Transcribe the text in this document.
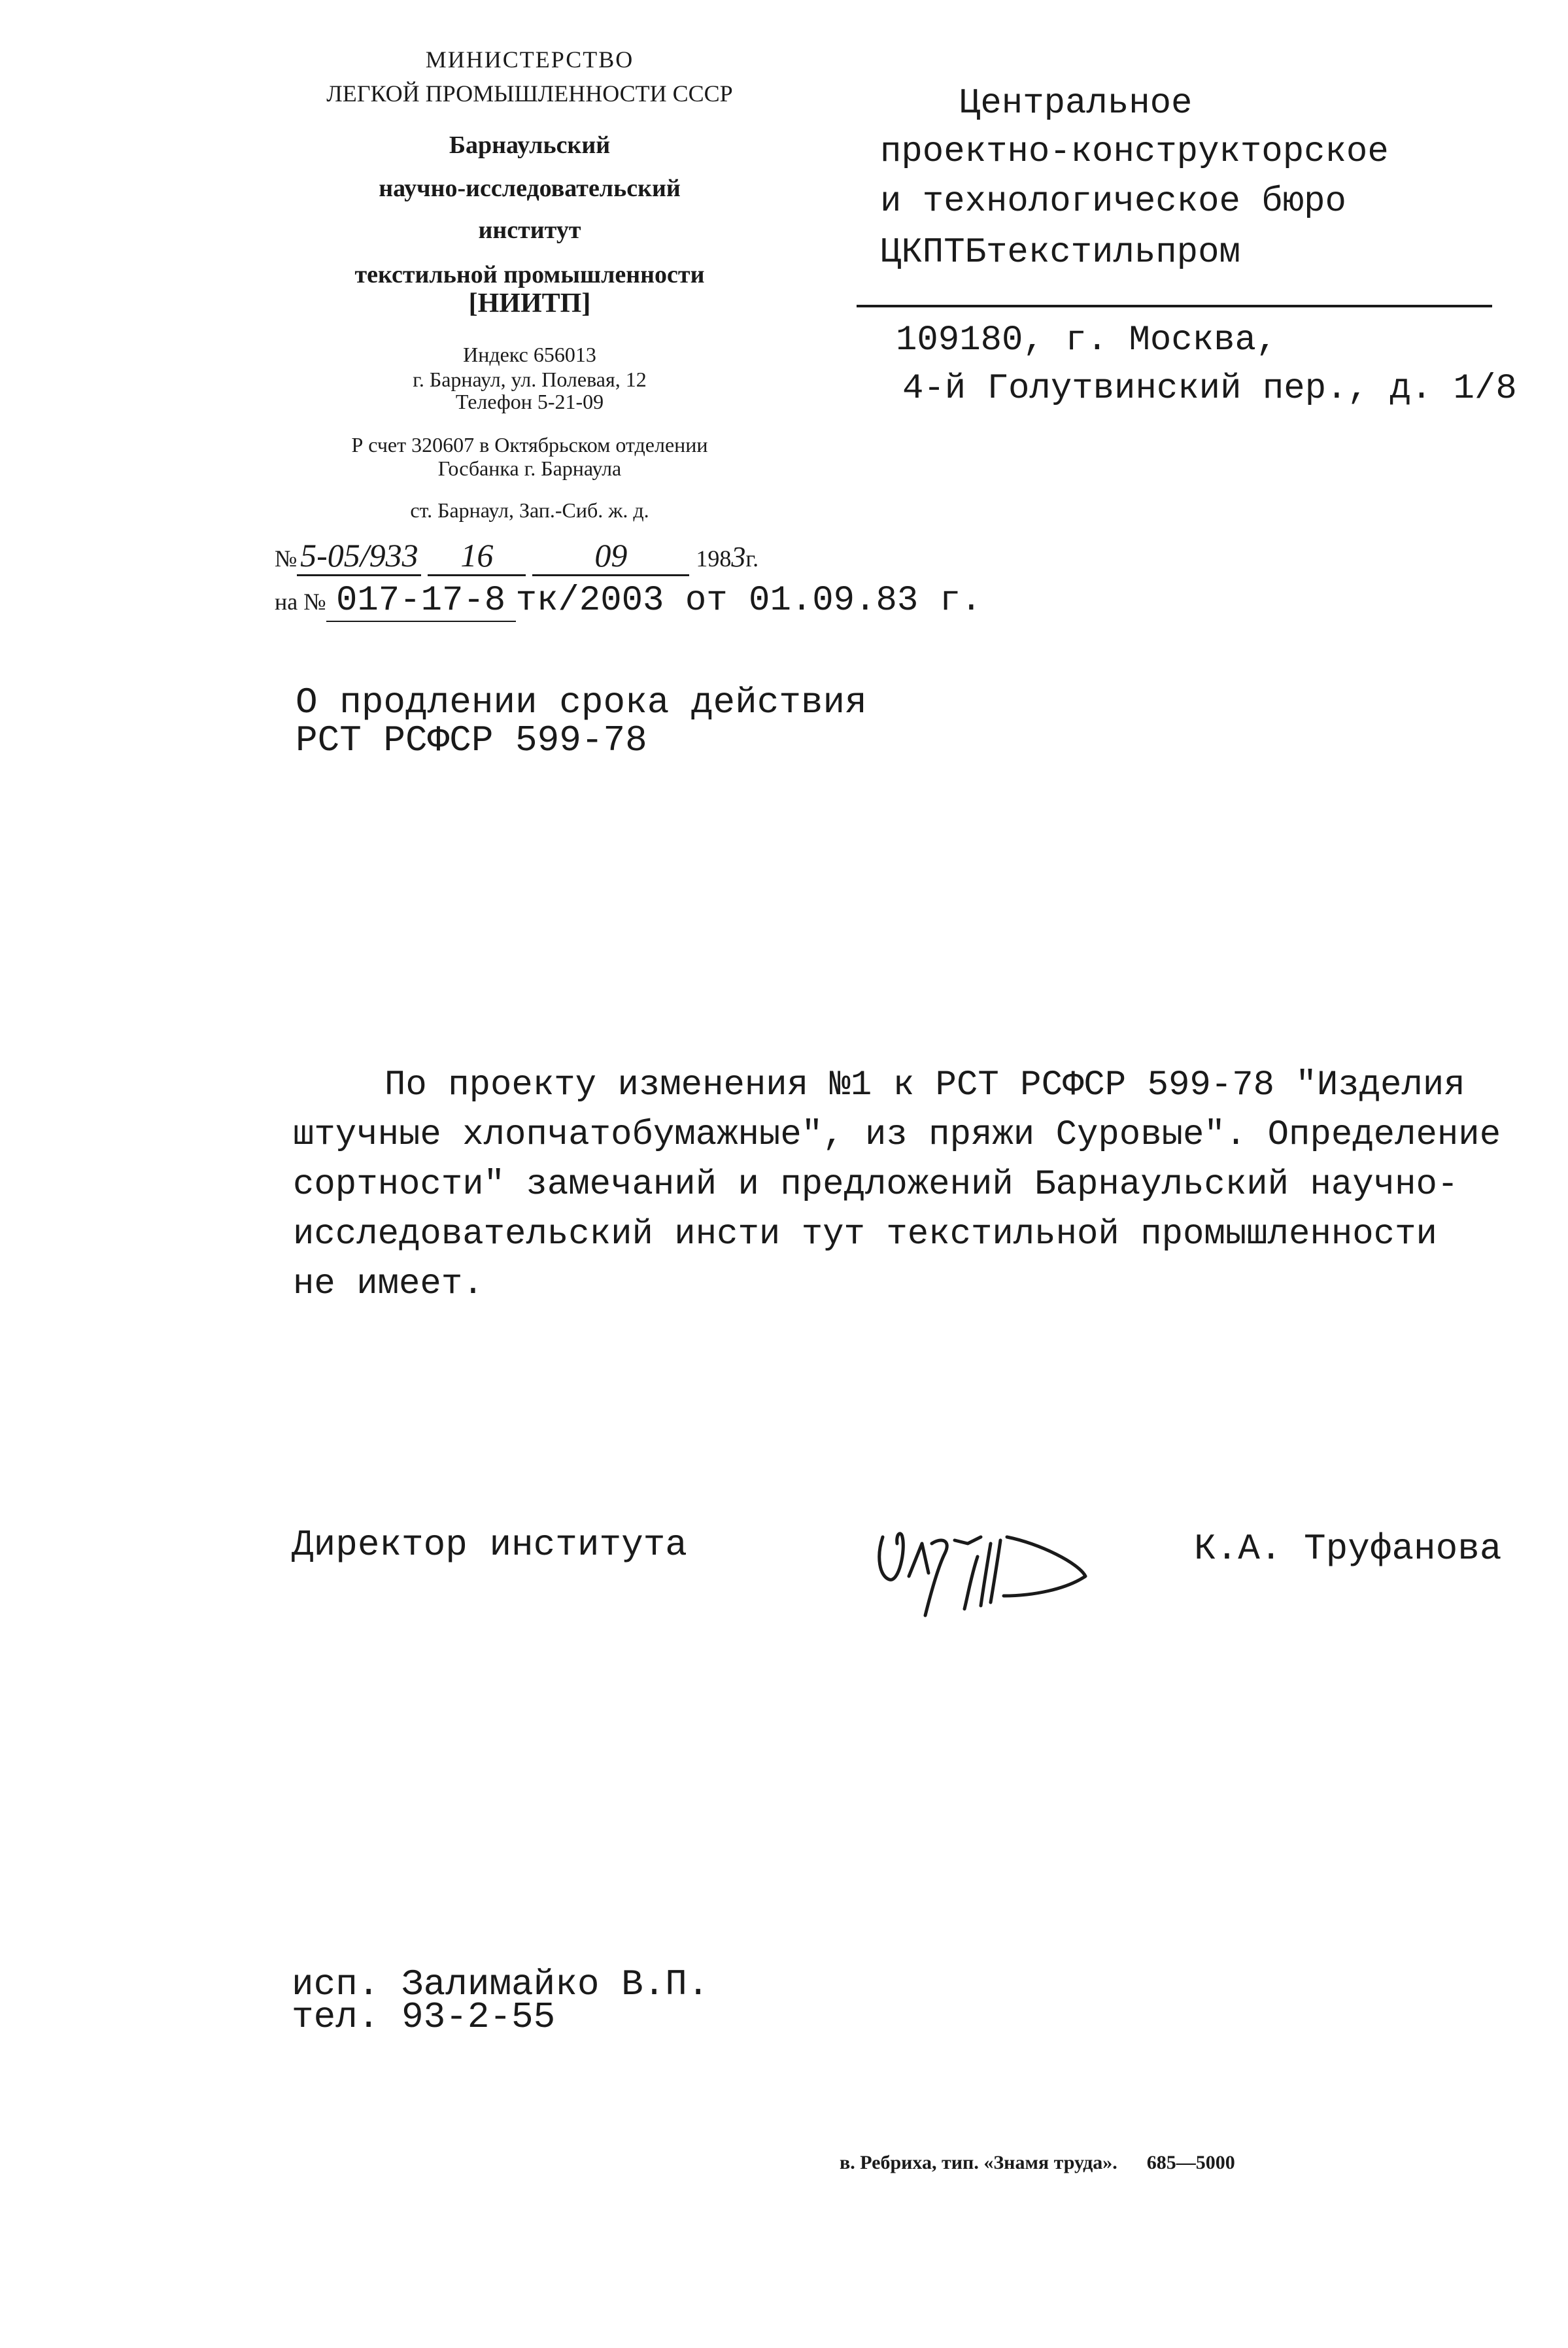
МИНИСТЕРСТВО
ЛЕГКОЙ ПРОМЫШЛЕННОСТИ СССР
Барнаульский
научно-исследовательский
институт
текстильной промышленности
[НИИТП]
Индекс 656013
г. Барнаул, ул. Полевая, 12
Телефон 5-21-09
Р счет 320607 в Октябрьском отделении
Госбанка г. Барнаула
ст. Барнаул, Зап.-Сиб. ж. д.
№5-05/933 16	09	1983г.
на № 017-17-8 тк/2003 от 01.09.83 г.
Центральное
проектно-конструкторское
и технологическое бюро
ЦКПТБтекстильпром
109180, г. Москва,
4-й Голутвинский пер., д. 1/8
О продлении срока действия
РСТ РСФСР 599-78
По проекту изменения №1 к РСТ РСФСР 599-78 "Изделия
штучные хлопчатобумажные", из пряжи Суровые". Определение
сортности" замечаний и предложений Барнаульский научно-
исследовательский инсти тут текстильной промышленности
не имеет.
Директор института	К.А. Труфанова
исп. Залимайко В.П.
тел. 93-2-55
в. Ребриха, тип. «Знамя труда». 685—5000
